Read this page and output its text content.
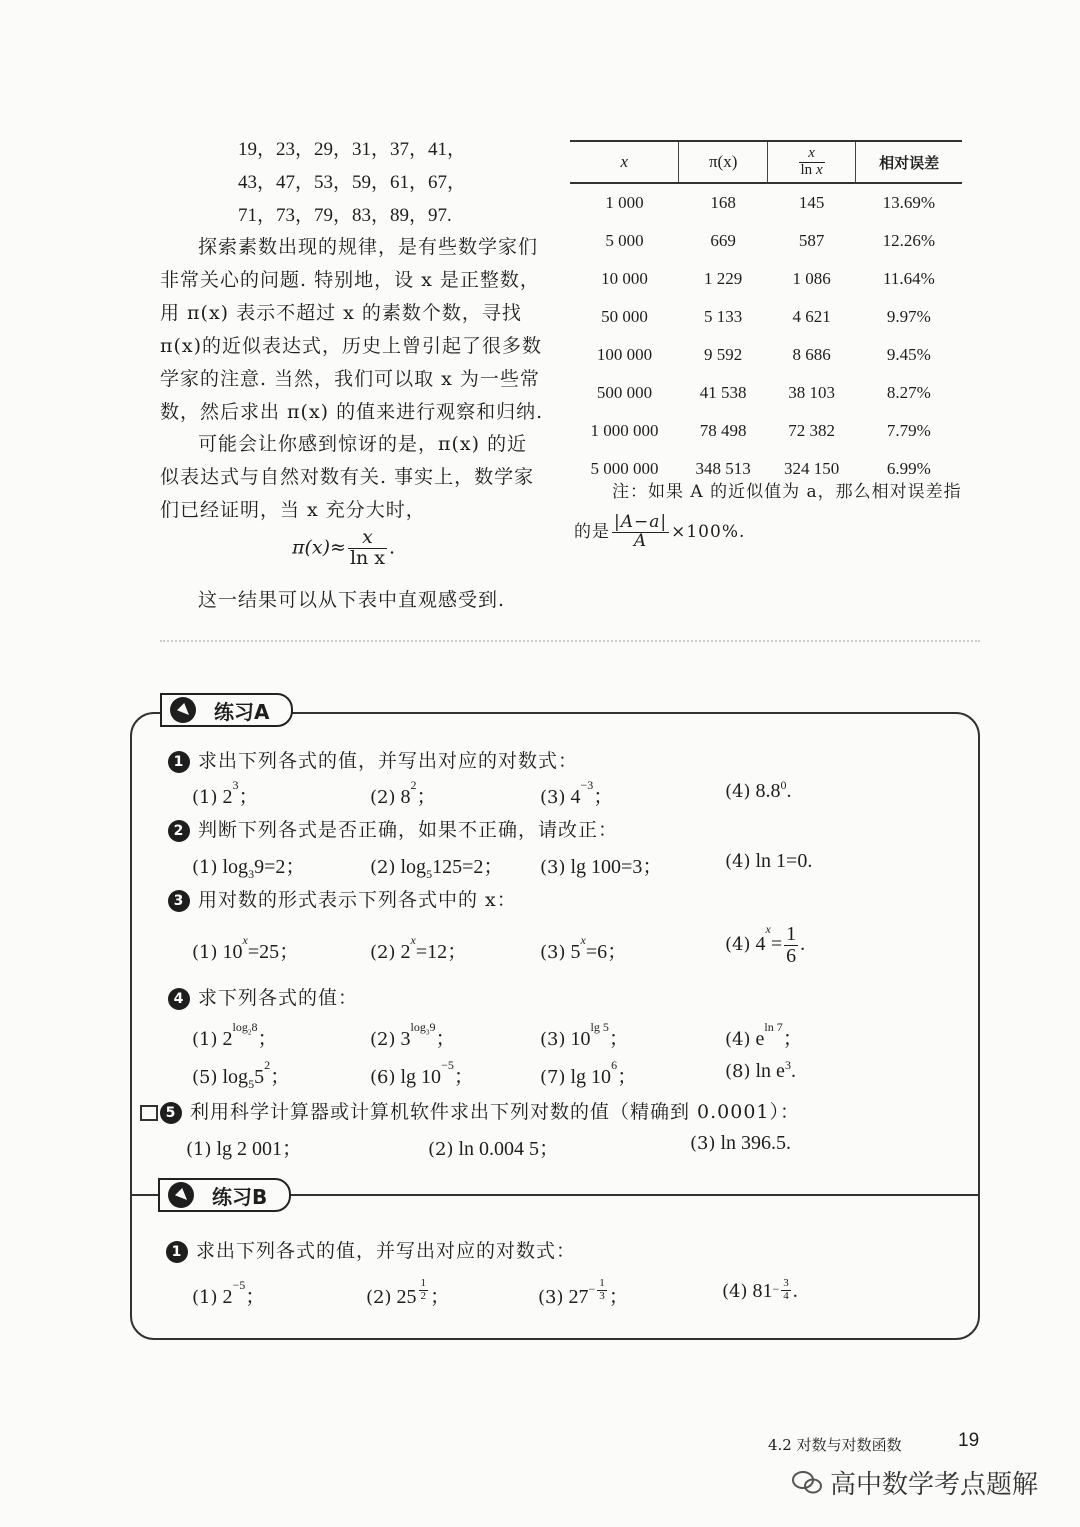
19，23，29，31，37，41，
43，47，53，59，61，67，
71，73，79，83，89，97.
探索素数出现的规律，是有些数学家们
非常关心的问题. 特别地，设 x 是正整数，
用 π(x) 表示不超过 x 的素数个数，寻找
π(x)的近似表达式，历史上曾引起了很多数
学家的注意. 当然，我们可以取 x 为一些常
数，然后求出 π(x) 的值来进行观察和归纳.
可能会让你感到惊讶的是，π(x) 的近
似表达式与自然对数有关. 事实上，数学家
们已经证明，当 x 充分大时，
$\pi(x)\approx \frac{x}{\text{ln x}}$ .
这一结果可以从下表中直观感受到.
x	π(x)	$\frac{x}{\text{ln x}}$	相对误差
1 000	168	145	13.69%
5 000	669	587	12.26%
10 000	1 229	1 086	11.64%
50 000	5 133	4 621	9.97%
100 000	9 592	8 686	9.45%
500 000	41 538	38 103	8.27%
1 000 000	78 498	72 382	7.79%
5 000 000	348 513	324 150	6.99%
注：如果 A 的近似值为 a，那么相对误差指
的是 $\frac{|A-a|}{A} \times 100\%$.
练习A
1 求出下列各式的值，并写出对应的对数式：
(1) $2^3$；	(2) $8^2$；	(3) $4^{-3}$；	(4) $8.8^0$.
2 判断下列各式是否正确，如果不正确，请改正：
(1) $\log_39=2$；	(2) $\log_5125=2$； (3) lg 100=3；	(4) ln 1=0.
3 用对数的形式表示下列各式中的 x：
(1) $10^x=25$；	(2) $2^x=12$；	(3) $5^x=6$；	(4) $4^x= \frac{1}{6}$ .
4 求下列各式的值：
(1) $2^{log_28}$；	(2) $3^{log_39}$；	(3) $10^{lg 5}$；	(4) $e^{ln 7}$；
(5) $\log_55^2$；	(6) $\lg 10^{-5}$；	(7) $\lg 10^6$；	(8) $\ln e^3$.
5 利用科学计算器或计算机软件求出下列对数的值（精确到 0.0001）：
(1) lg 2 001；	(2) ln 0.004 5；	(3) ln 396.5.
练习B
1 求出下列各式的值，并写出对应的对数式：
(1) $2^{-5}$；	(2) 25 $^{\frac{1}{2}}$ ；	(3) $27^{- \frac{1}{3}}$ ；	(4) $81^{- \frac{3}{4}}$ .
4.2 对数与对数函数	19
高中数学考点题解
